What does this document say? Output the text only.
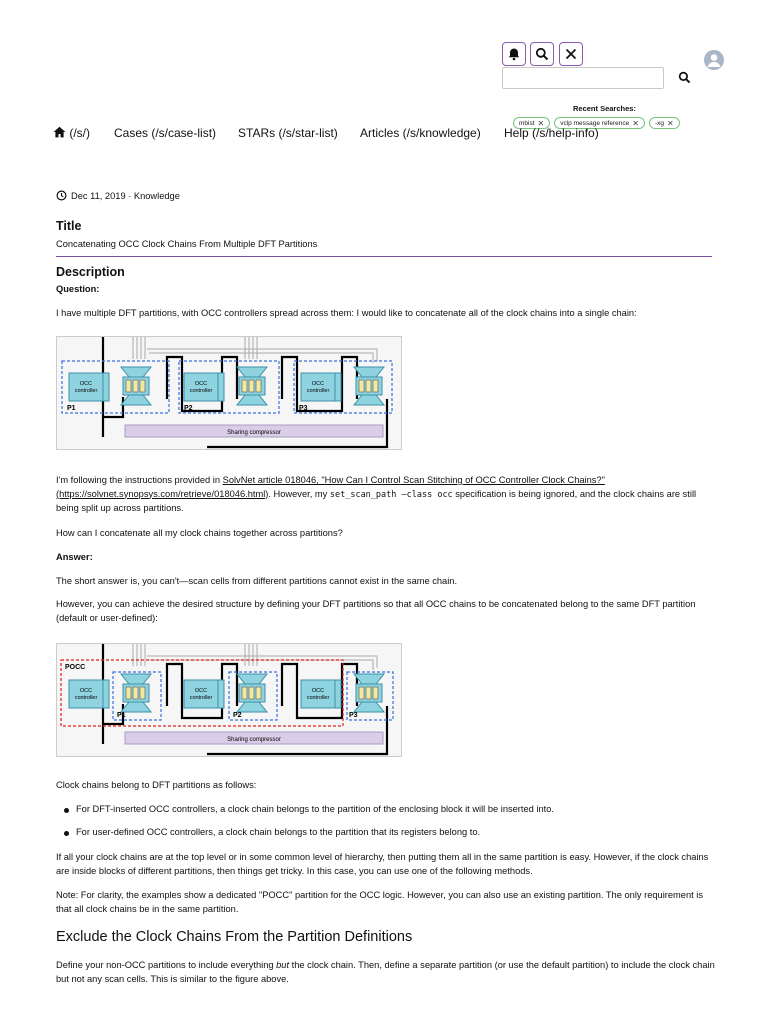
Recent Searches:
mbist ✕ vclp message reference ✕ -xg ✕
(/s/) Cases (/s/case-list) STARs (/s/star-list) Articles (/s/knowledge) Help (/s/help-info)
Dec 11, 2019 · Knowledge
Title
Concatenating OCC Clock Chains From Multiple DFT Partitions
Description
Question:
I have multiple DFT partitions, with OCC controllers spread across them: I would like to concatenate all of the clock chains into a single chain:
OCC
controller
OCC
controller
OCC
controller
Sharing compressor
P1	P2	P3
I'm following the instructions provided in SolvNet article 018046, "How Can I Control Scan Stitching of OCC Controller Clock Chains?" (https://solvnet.synopsys.com/retrieve/018046.html). However, my set_scan_path –class occ specification is being ignored, and the clock chains are still being split up across partitions.
How can I concatenate all my clock chains together across partitions?
Answer:
The short answer is, you can't—scan cells from different partitions cannot exist in the same chain.
However, you can achieve the desired structure by defining your DFT partitions so that all OCC chains to be concatenated belong to the same DFT partition (default or user-defined):
OCC
controller
OCC
controller
OCC
controller
Sharing compressor
POCC
P1	P2	P3
Clock chains belong to DFT partitions as follows:
For DFT-inserted OCC controllers, a clock chain belongs to the partition of the enclosing block it will be inserted into.
For user-defined OCC controllers, a clock chain belongs to the partition that its registers belong to.
If all your clock chains are at the top level or in some common level of hierarchy, then putting them all in the same partition is easy. However, if the clock chains are inside blocks of different partitions, then things get tricky. In this case, you can use one of the following methods.
Note: For clarity, the examples show a dedicated "POCC" partition for the OCC logic. However, you can also use an existing partition. The only requirement is that all clock chains be in the same partition.
Exclude the Clock Chains From the Partition Definitions
Define your non-OCC partitions to include everything but the clock chain. Then, define a separate partition (or use the default partition) to include the clock chain but not any scan cells. This is similar to the figure above.
